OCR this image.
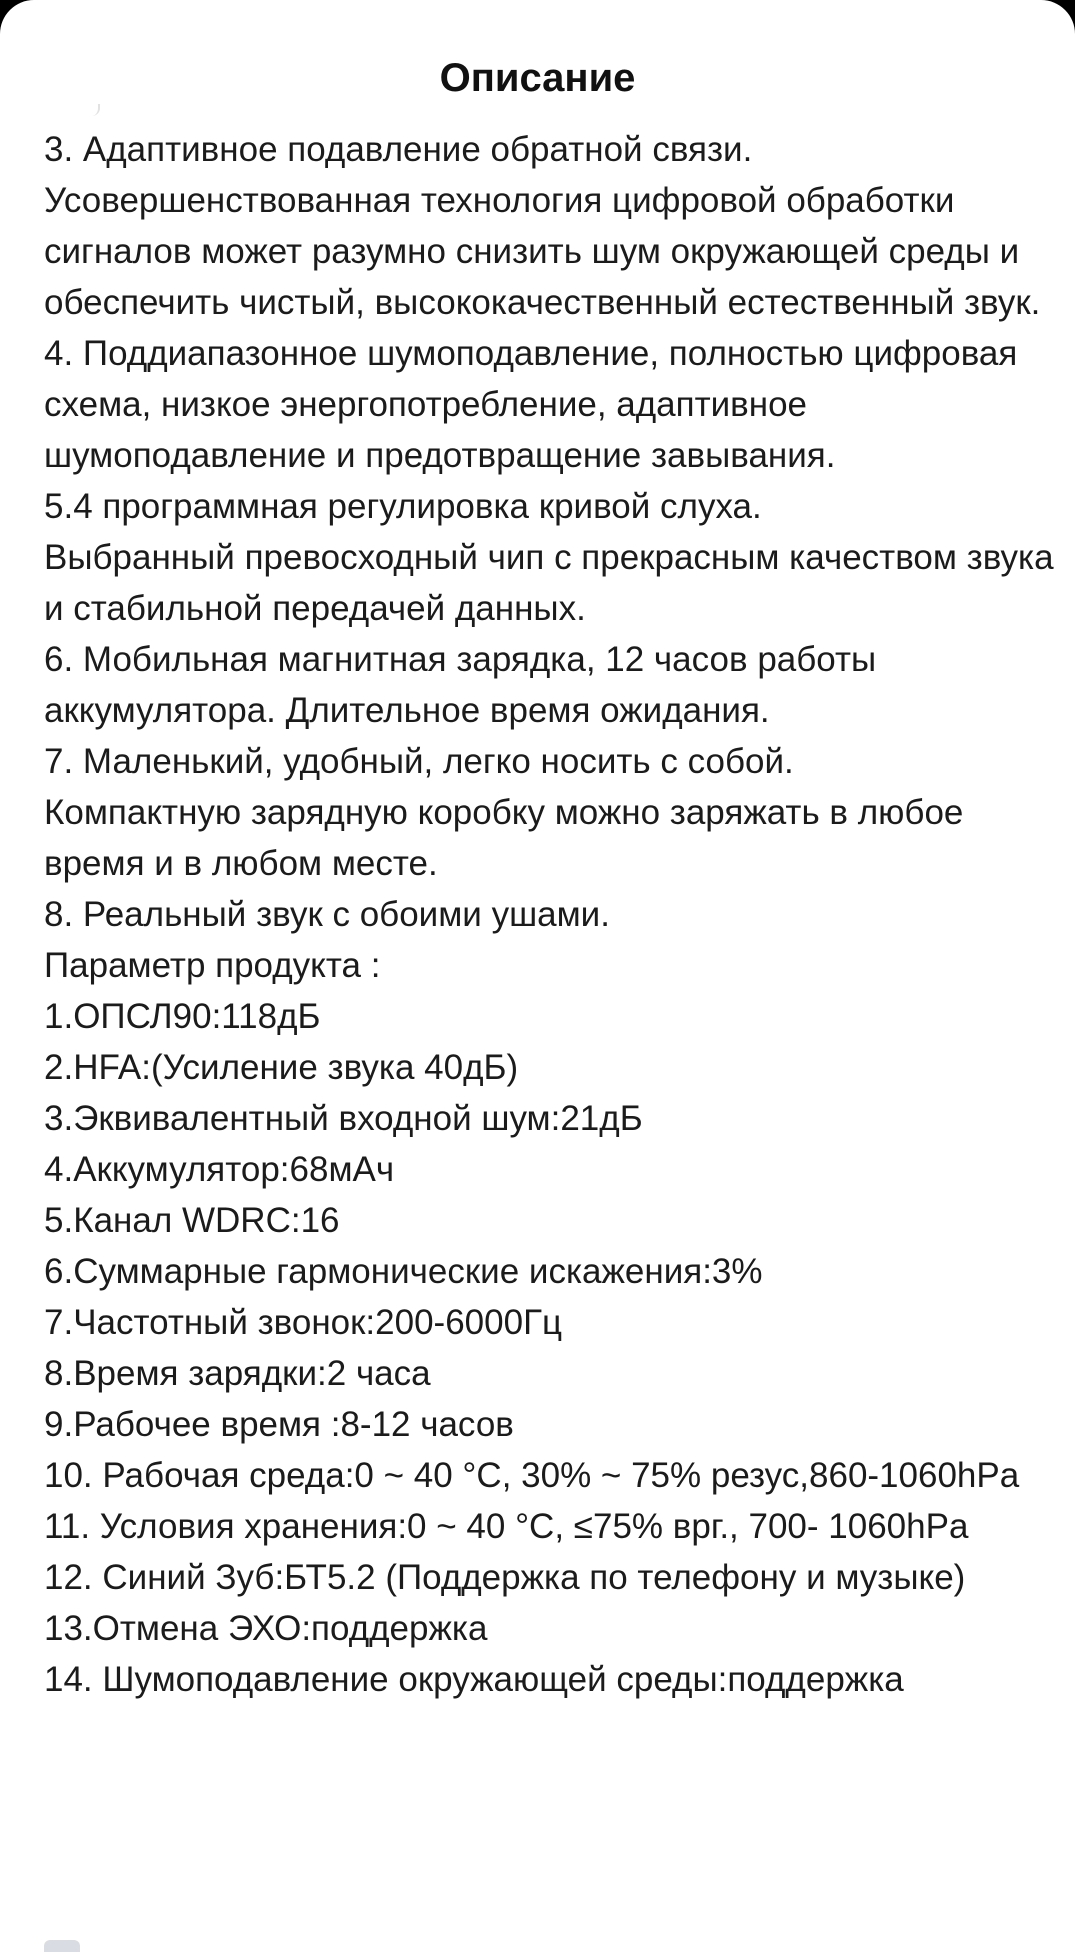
Описание
3. Адаптивное подавление обратной связи.
Усовершенствованная технология цифровой обработки сигналов может разумно снизить шум окружающей среды и обеспечить чистый, высококачественный естественный звук.
4. Поддиапазонное шумоподавление, полностью цифровая схема, низкое энергопотребление, адаптивное шумоподавление и предотвращение завывания.
5.4 программная регулировка кривой слуха.
Выбранный превосходный чип с прекрасным качеством звука и стабильной передачей данных.
6. Мобильная магнитная зарядка, 12 часов работы аккумулятора. Длительное время ожидания.
7. Маленький, удобный, легко носить с собой.
Компактную зарядную коробку можно заряжать в любое время и в любом месте.
8. Реальный звук с обоими ушами.
Параметр продукта :
1.ОПСЛ90:118дБ
2.HFA:(Усиление звука 40дБ)
3.Эквивалентный входной шум:21дБ
4.Аккумулятор:68мАч
5.Канал WDRC:16
6.Суммарные гармонические искажения:3%
7.Частотный звонок:200-6000Гц
8.Время зарядки:2 часа
9.Рабочее время :8-12 часов
10. Рабочая среда:0 ~ 40 °C, 30% ~ 75% резус,860-1060hPa
11. Условия хранения:0 ~ 40 °C, ≤75% врг., 700- 1060hPa
12. Синий Зуб:БТ5.2 (Поддержка по телефону и музыке)
13.Отмена ЭХО:поддержка
14. Шумоподавление окружающей среды:поддержка
